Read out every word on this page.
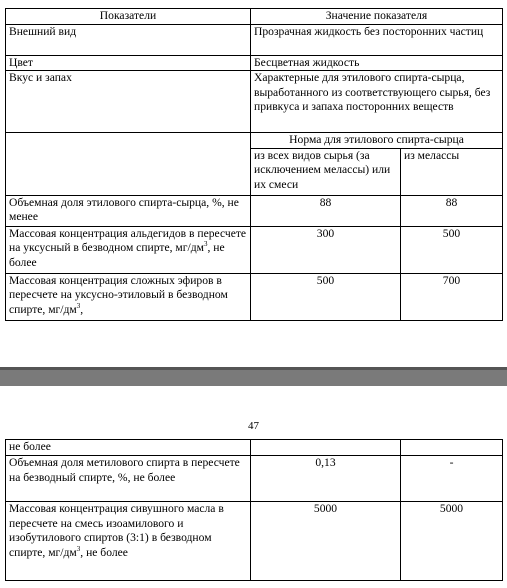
Показатели	Значение показателя	
Внешний вид	Прозрачная жидкость без посторонних частиц	
Цвет	Бесцветная жидкость	
Вкус и запах	Характерные для этилового спирта-сырца, выработанного из соответствующего сырья, без привкуса и запаха посторонних веществ	
	Норма для этилового спирта-сырца	
	из всех видов сырья (за исключением мелассы) или их смеси	из мелассы
Объемная доля этилового спирта-сырца, %, не менее	88	88
Массовая концентрация альдегидов в пересчете на уксусный в безводном спирте, $мг/дм^3$, не более	300	500
Массовая концентрация сложных эфиров в пересчете на уксусно-этиловый в безводном спирте, $мг/дм^3$,	500	700
47
не более		
Объемная доля метилового спирта в пересчете на безводный спирте, %, не более	0,13	-
Массовая концентрация сивушного масла в пересчете на смесь изоамилового и изобутилового спиртов (3:1) в безводном спирте, $мг/дм^3$, не более	5000	5000
